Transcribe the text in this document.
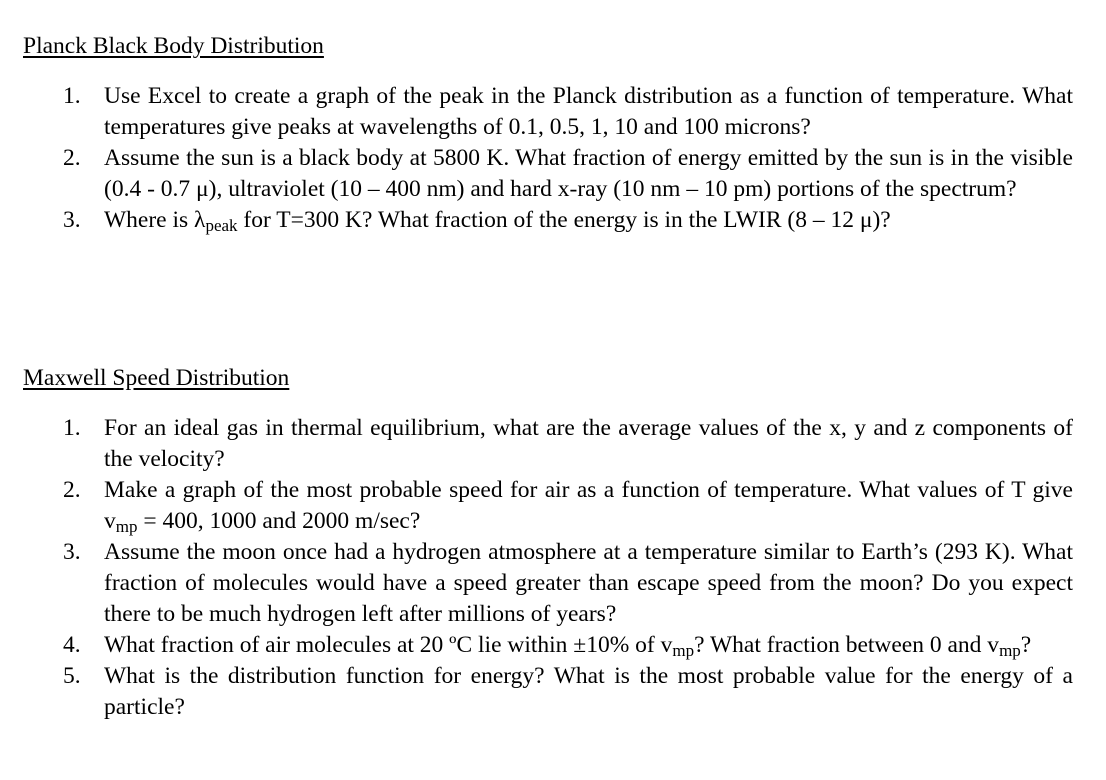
Planck Black Body Distribution
1. Use Excel to create a graph of the peak in the Planck distribution as a function of temperature. What temperatures give peaks at wavelengths of 0.1, 0.5, 1, 10 and 100 microns?
2. Assume the sun is a black body at 5800 K. What fraction of energy emitted by the sun is in the visible (0.4 - 0.7 μ), ultraviolet (10 – 400 nm) and hard x-ray (10 nm – 10 pm) portions of the spectrum?
3. Where is $\lambda_{peak}$ for T=300 K? What fraction of the energy is in the LWIR (8 – 12 μ)?
Maxwell Speed Distribution
1. For an ideal gas in thermal equilibrium, what are the average values of the x, y and z components of the velocity?
2. Make a graph of the most probable speed for air as a function of temperature. What values of T give $v_{mp} = 400$, 1000 and 2000 m/sec?
3. Assume the moon once had a hydrogen atmosphere at a temperature similar to Earth’s (293 K). What fraction of molecules would have a speed greater than escape speed from the moon? Do you expect there to be much hydrogen left after millions of years?
4. What fraction of air molecules at 20 ºC lie within ±10% of $v_{mp}$? What fraction between 0 and $v_{mp}$?
5. What is the distribution function for energy? What is the most probable value for the energy of a particle?
